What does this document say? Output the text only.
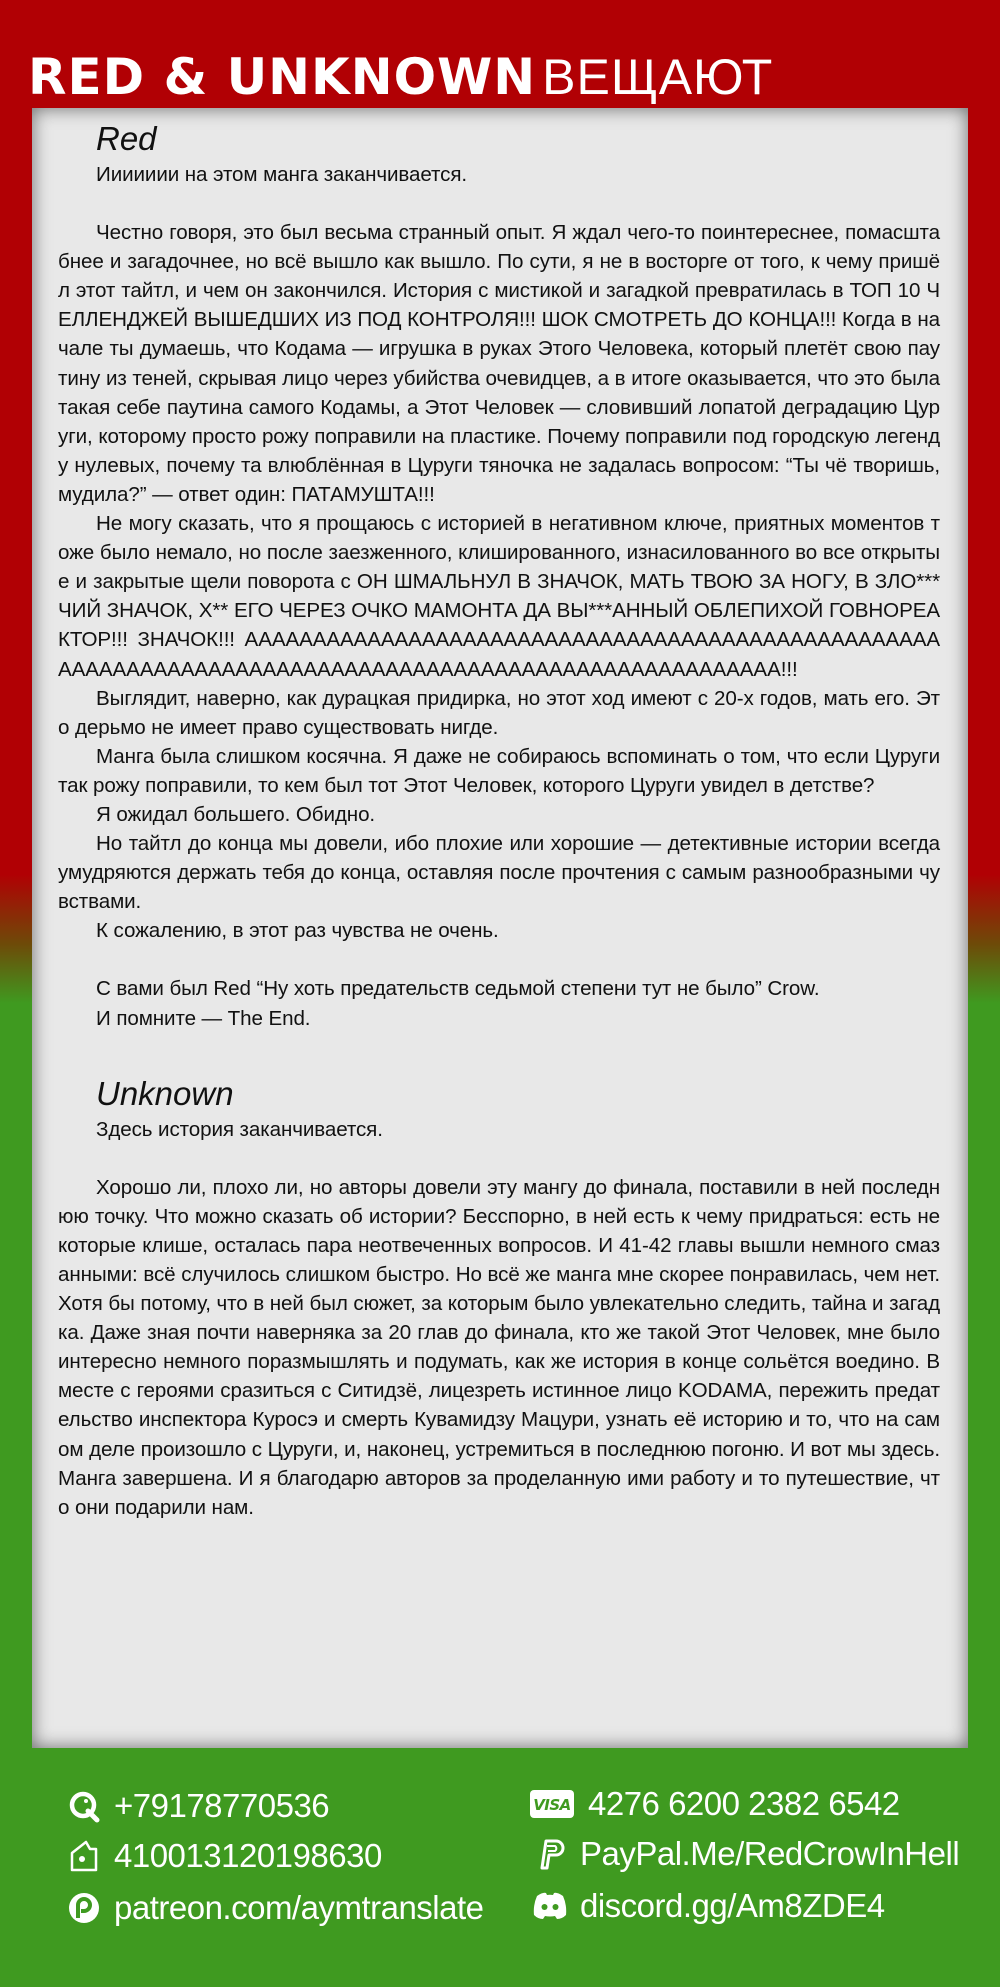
RED & UNKNOWN ВЕЩАЮТ
Red

Иииииии на этом манга заканчивается.

Честно говоря, это был весьма странный опыт. Я ждал чего-то поинтереснее, помасштабнее и загадочнее, но всё вышло как вышло. По сути, я не в восторге от того, к чему пришёл этот тайтл, и чем он закончился. История с мистикой и загадкой превратилась в ТОП 10 ЧЕЛЛЕНДЖЕЙ ВЫШЕДШИХ ИЗ ПОД КОНТРОЛЯ!!! ШОК СМОТРЕТЬ ДО КОНЦА!!! Когда в начале ты думаешь, что Кодама — игрушка в руках Этого Человека, который плетёт свою паутину из теней, скрывая лицо через убийства очевидцев, а в итоге оказывается, что это была такая себе паутина самого Кодамы, а Этот Человек — словивший лопатой деградацию Цуруги, которому просто рожу поправили на пластике. Почему поправили под городскую легенду нулевых, почему та влюблённая в Цуруги тяночка не задалась вопросом: “Ты чё творишь, мудила?” — ответ один: ПАТАМУШТА!!!

Не могу сказать, что я прощаюсь с историей в негативном ключе, приятных моментов тоже было немало, но после заезженного, клишированного, изнасилованного во все открытые и закрытые щели поворота с ОН ШМАЛЬНУЛ В ЗНАЧОК, МАТЬ ТВОЮ ЗА НОГУ, В ЗЛО***ЧИЙ ЗНАЧОК, Х** ЕГО ЧЕРЕЗ ОЧКО МАМОНТА ДА ВЫ***АННЫЙ ОБЛЕПИХОЙ ГОВНОРЕАКТОР!!! ЗНАЧОК!!! АААААААААААААААААААААААААААААААААААААААААААААААААААААААААААААААААААААААААААААААААААААААААААААААААААААААА!!!

Выглядит, наверно, как дурацкая придирка, но этот ход имеют с 20-х годов, мать его. Это дерьмо не имеет право существовать нигде.

Манга была слишком косячна. Я даже не собираюсь вспоминать о том, что если Цуруги так рожу поправили, то кем был тот Этот Человек, которого Цуруги увидел в детстве?

Я ожидал большего. Обидно.

Но тайтл до конца мы довели, ибо плохие или хорошие — детективные истории всегда умудряются держать тебя до конца, оставляя после прочтения с самым разнообразными чувствами.

К сожалению, в этот раз чувства не очень.

С вами был Red “Ну хоть предательств седьмой степени тут не было” Crow.

И помните — The End.

Unknown

Здесь история заканчивается.

Хорошо ли, плохо ли, но авторы довели эту мангу до финала, поставили в ней последнюю точку. Что можно сказать об истории? Бесспорно, в ней есть к чему придраться: есть некоторые клише, осталась пара неотвеченных вопросов. И 41-42 главы вышли немного смазанными: всё случилось слишком быстро. Но всё же манга мне скорее понравилась, чем нет. Хотя бы потому, что в ней был сюжет, за которым было увлекательно следить, тайна и загадка. Даже зная почти наверняка за 20 глав до финала, кто же такой Этот Человек, мне было интересно немного поразмышлять и подумать, как же история в конце сольётся воедино. Вместе с героями сразиться с Ситидзё, лицезреть истинное лицо KODAMA, пережить предательство инспектора Куросэ и смерть Кувамидзу Мацури, узнать её историю и то, что на самом деле произошло с Цуруги, и, наконец, устремиться в последнюю погоню. И вот мы здесь. Манга завершена. И я благодарю авторов за проделанную ими работу и то путешествие, что они подарили нам.

+79178770536
410013120198630
patreon.com/aymtranslate
VISA 4276 6200 2382 6542
PayPal.Me/RedCrowInHell
discord.gg/Am8ZDE4
